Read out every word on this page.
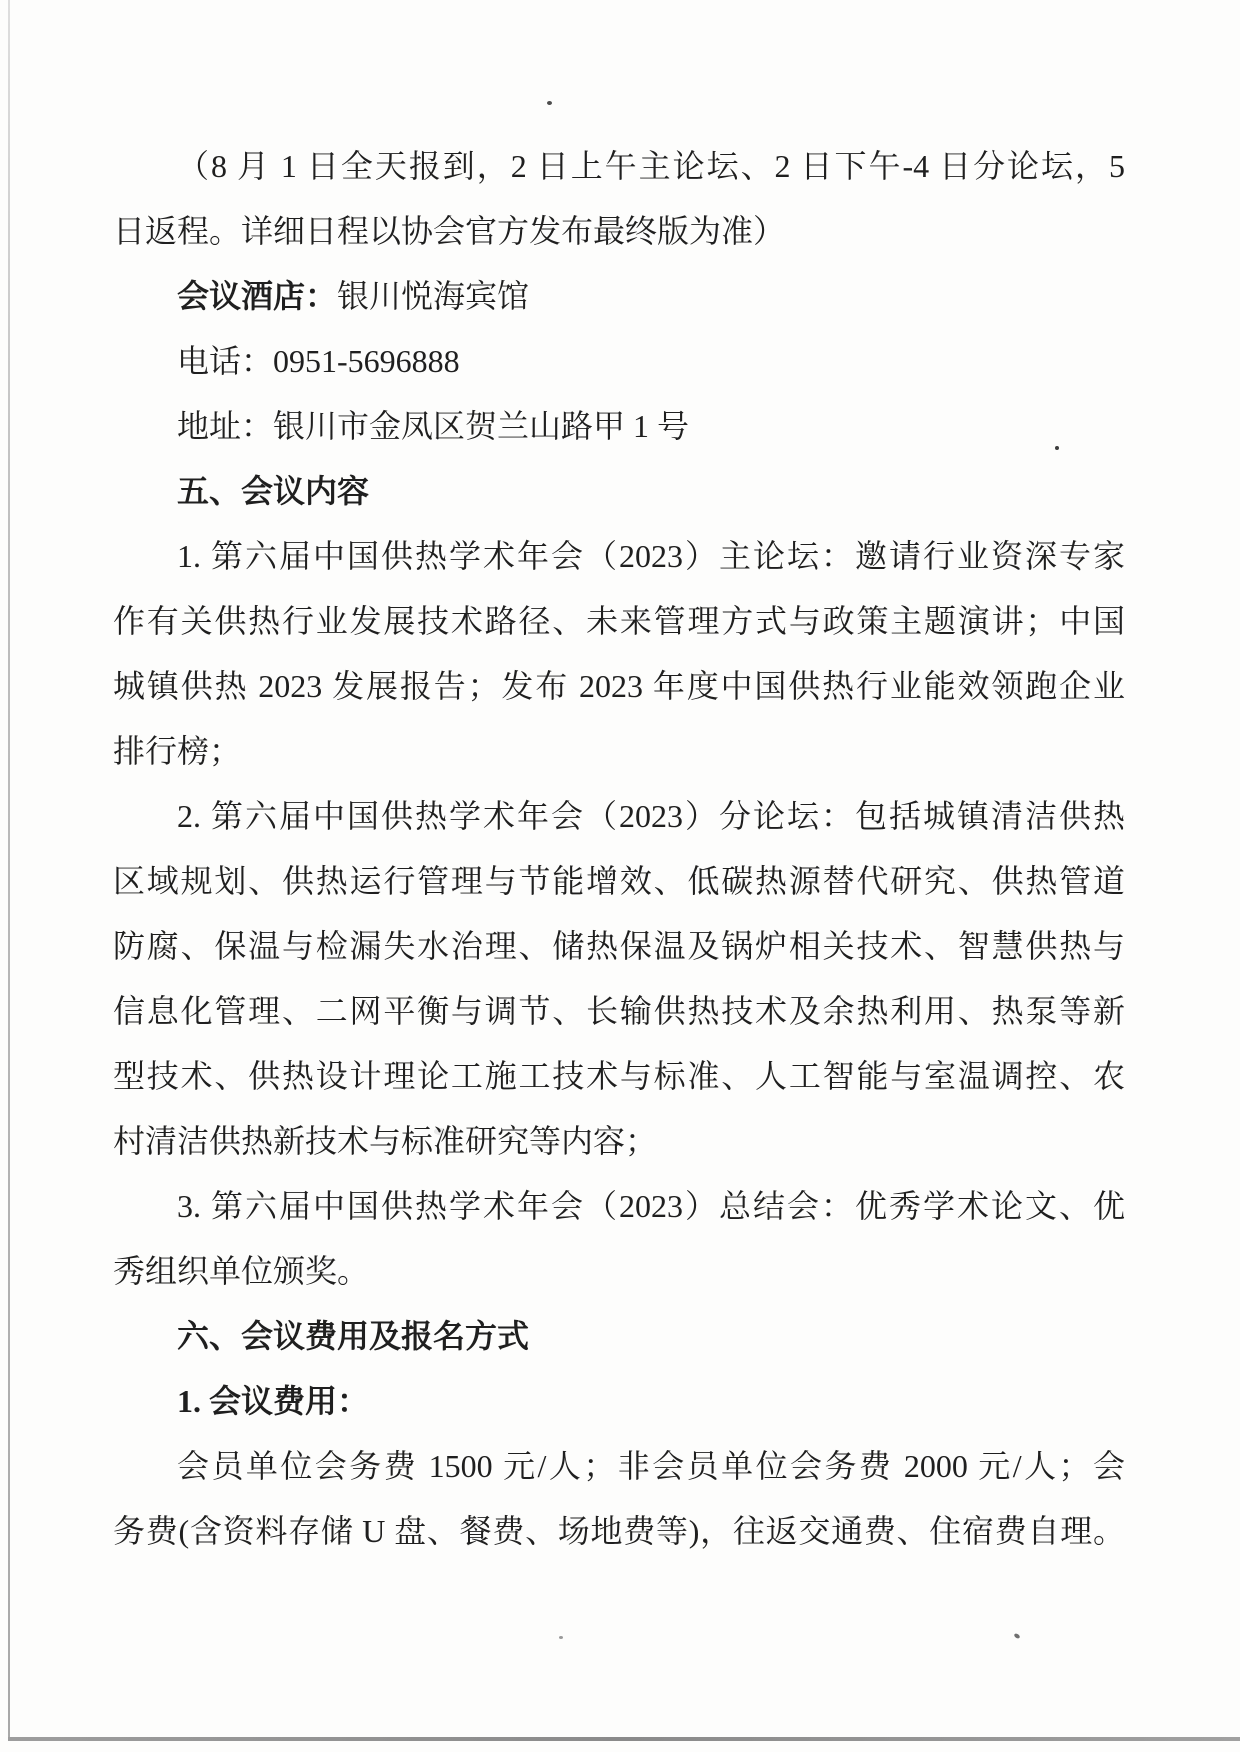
（8 月 1 日全天报到，2 日上午主论坛、2 日下午-4 日分论坛，5
日返程。详细日程以协会官方发布最终版为准）
会议酒店：银川悦海宾馆
电话：0951-5696888
地址：银川市金凤区贺兰山路甲 1 号
五、会议内容
1. 第六届中国供热学术年会（2023）主论坛：邀请行业资深专家
作有关供热行业发展技术路径、未来管理方式与政策主题演讲；中国
城镇供热 2023 发展报告；发布 2023 年度中国供热行业能效领跑企业
排行榜；
2. 第六届中国供热学术年会（2023）分论坛：包括城镇清洁供热
区域规划、供热运行管理与节能增效、低碳热源替代研究、供热管道
防腐、保温与检漏失水治理、储热保温及锅炉相关技术、智慧供热与
信息化管理、二网平衡与调节、长输供热技术及余热利用、热泵等新
型技术、供热设计理论工施工技术与标准、人工智能与室温调控、农
村清洁供热新技术与标准研究等内容；
3. 第六届中国供热学术年会（2023）总结会：优秀学术论文、优
秀组织单位颁奖。
六、会议费用及报名方式
1. 会议费用：
会员单位会务费 1500 元/人；非会员单位会务费 2000 元/人；会
务费(含资料存储 U 盘、餐费、场地费等)，往返交通费、住宿费自理。
